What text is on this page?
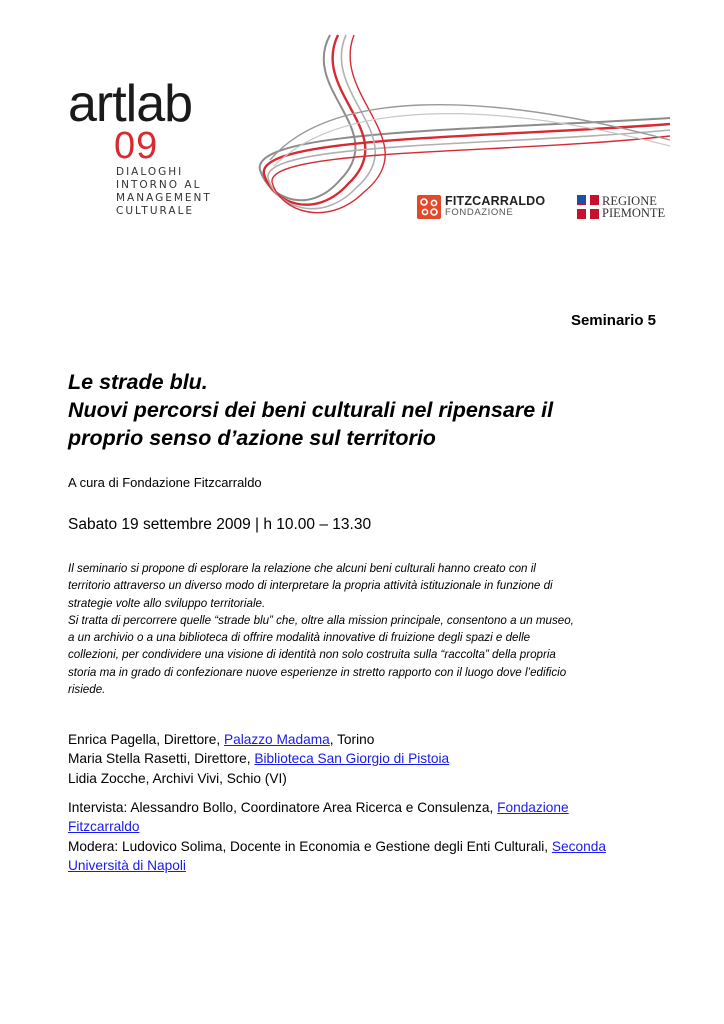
artlab
09
DIALOGHI
INTORNO AL
MANAGEMENT
CULTURALE
FITZCARRALDO
FONDAZIONE
REGIONE
PIEMONTE
Seminario 5
Le strade blu.
Nuovi percorsi dei beni culturali nel ripensare il
proprio senso d’azione sul territorio
A cura di Fondazione Fitzcarraldo
Sabato 19 settembre 2009 | h 10.00 – 13.30
Il seminario si propone di esplorare la relazione che alcuni beni culturali hanno creato con il
territorio attraverso un diverso modo di interpretare la propria attività istituzionale in funzione di
strategie volte allo sviluppo territoriale.
Si tratta di percorrere quelle “strade blu” che, oltre alla mission principale, consentono a un museo,
a un archivio o a una biblioteca di offrire modalità innovative di fruizione degli spazi e delle
collezioni, per condividere una visione di identità non solo costruita sulla “raccolta” della propria
storia ma in grado di confezionare nuove esperienze in stretto rapporto con il luogo dove l’edificio
risiede.
Enrica Pagella, Direttore, Palazzo Madama, Torino
Maria Stella Rasetti, Direttore, Biblioteca San Giorgio di Pistoia
Lidia Zocche, Archivi Vivi, Schio (VI)
Intervista: Alessandro Bollo, Coordinatore Area Ricerca e Consulenza, Fondazione
Fitzcarraldo
Modera: Ludovico Solima, Docente in Economia e Gestione degli Enti Culturali, Seconda
Università di Napoli
